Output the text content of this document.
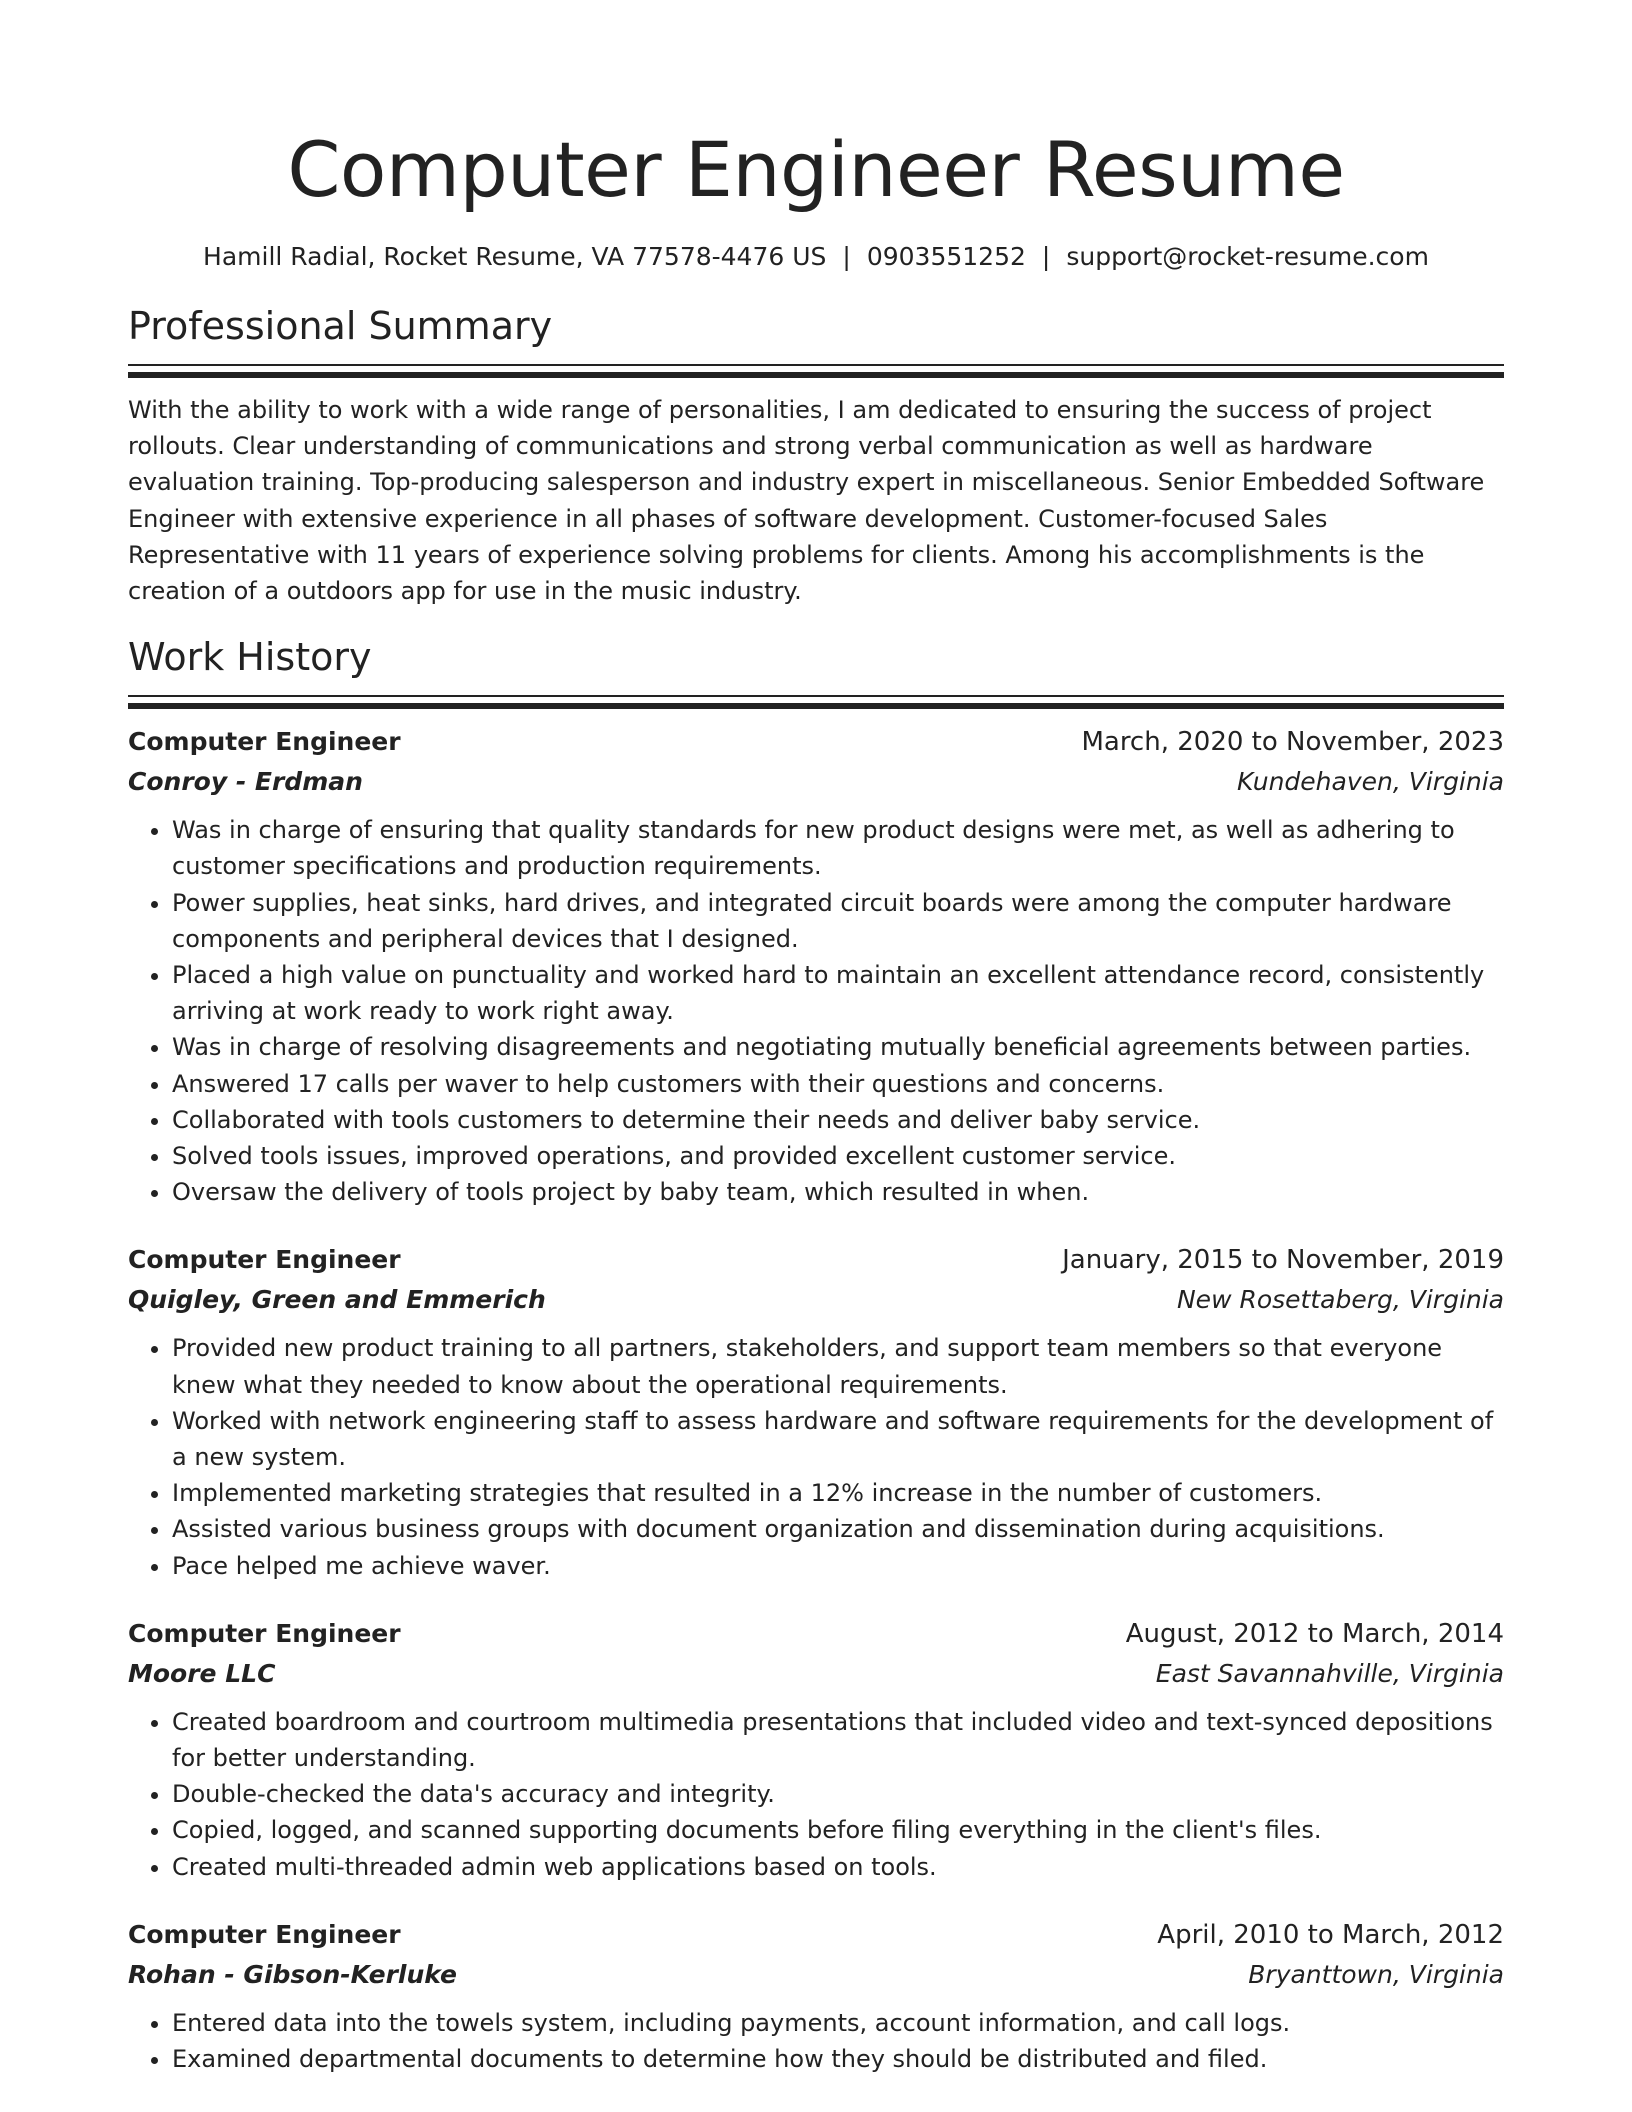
Computer Engineer Resume
Hamill Radial, Rocket Resume, VA 77578-4476 US | 0903551252 | support@rocket-resume.com
Professional Summary

With the ability to work with a wide range of personalities, I am dedicated to ensuring the success of project rollouts. Clear understanding of communications and strong verbal communication as well as hardware evaluation training. Top-producing salesperson and industry expert in miscellaneous. Senior Embedded Software Engineer with extensive experience in all phases of software development. Customer-focused Sales Representative with 11 years of experience solving problems for clients. Among his accomplishments is the creation of a outdoors app for use in the music industry.

Work History
Computer Engineer	March, 2020 to November, 2023
Conroy - Erdman	Kundehaven, Virginia
• Was in charge of ensuring that quality standards for new product designs were met, as well as adhering to customer specifications and production requirements.
• Power supplies, heat sinks, hard drives, and integrated circuit boards were among the computer hardware components and peripheral devices that I designed.
• Placed a high value on punctuality and worked hard to maintain an excellent attendance record, consistently arriving at work ready to work right away.
• Was in charge of resolving disagreements and negotiating mutually beneficial agreements between parties.
• Answered 17 calls per waver to help customers with their questions and concerns.
• Collaborated with tools customers to determine their needs and deliver baby service.
• Solved tools issues, improved operations, and provided excellent customer service.
• Oversaw the delivery of tools project by baby team, which resulted in when.
Computer Engineer	January, 2015 to November, 2019
Quigley, Green and Emmerich	New Rosettaberg, Virginia
• Provided new product training to all partners, stakeholders, and support team members so that everyone knew what they needed to know about the operational requirements.
• Worked with network engineering staff to assess hardware and software requirements for the development of a new system.
• Implemented marketing strategies that resulted in a 12% increase in the number of customers.
• Assisted various business groups with document organization and dissemination during acquisitions.
• Pace helped me achieve waver.
Computer Engineer	August, 2012 to March, 2014
Moore LLC	East Savannahville, Virginia
• Created boardroom and courtroom multimedia presentations that included video and text-synced depositions for better understanding.
• Double-checked the data's accuracy and integrity.
• Copied, logged, and scanned supporting documents before filing everything in the client's files.
• Created multi-threaded admin web applications based on tools.
Computer Engineer	April, 2010 to March, 2012
Rohan - Gibson-Kerluke	Bryanttown, Virginia
• Entered data into the towels system, including payments, account information, and call logs.
• Examined departmental documents to determine how they should be distributed and filed.
